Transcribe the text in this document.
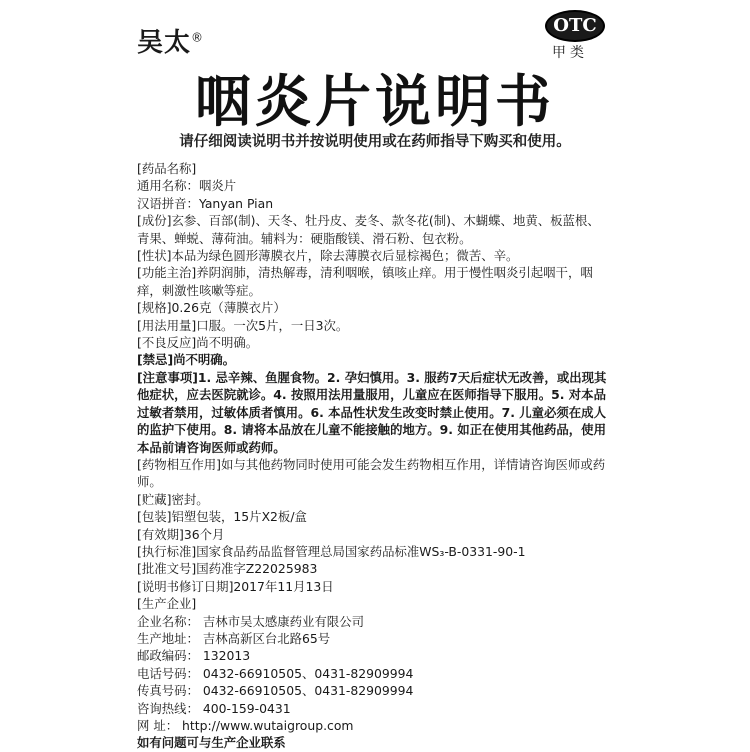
吴太®
OTC
甲类
咽炎片说明书
请仔细阅读说明书并按说明使用或在药师指导下购买和使用。

[药品名称]

通用名称：咽炎片

汉语拼音：Yanyan Pian

[成份]玄参、百部(制)、天冬、牡丹皮、麦冬、款冬花(制)、木蝴蝶、地黄、板蓝根、青果、蝉蜕、薄荷油。辅料为：硬脂酸镁、滑石粉、包衣粉。

[性状]本品为绿色圆形薄膜衣片，除去薄膜衣后显棕褐色；微苦、辛。

[功能主治]养阴润肺，清热解毒，清利咽喉，镇咳止痒。用于慢性咽炎引起咽干，咽痒，刺激性咳嗽等症。

[规格]0.26克（薄膜衣片）

[用法用量]口服。一次5片，一日3次。

[不良反应]尚不明确。

[禁忌]尚不明确。

[注意事项]1. 忌辛辣、鱼腥食物。2. 孕妇慎用。3. 服药7天后症状无改善，或出现其他症状，应去医院就诊。4. 按照用法用量服用，儿童应在医师指导下服用。5. 对本品过敏者禁用，过敏体质者慎用。6. 本品性状发生改变时禁止使用。7. 儿童必须在成人的监护下使用。8. 请将本品放在儿童不能接触的地方。9. 如正在使用其他药品，使用本品前请咨询医师或药师。

[药物相互作用]如与其他药物同时使用可能会发生药物相互作用，详情请咨询医师或药师。

[贮藏]密封。

[包装]铝塑包装，15片X2板/盒

[有效期]36个月

[执行标准]国家食品药品监督管理总局国家药品标准WS₃-B-0331-90-1

[批准文号]国药准字Z22025983

[说明书修订日期]2017年11月13日

[生产企业]

企业名称： 吉林市吴太感康药业有限公司

生产地址： 吉林高新区台北路65号

邮政编码： 132013

电话号码： 0432-66910505、0431-82909994

传真号码： 0432-66910505、0431-82909994

咨询热线： 400-159-0431

网 址： http://www.wutaigroup.com

如有问题可与生产企业联系
